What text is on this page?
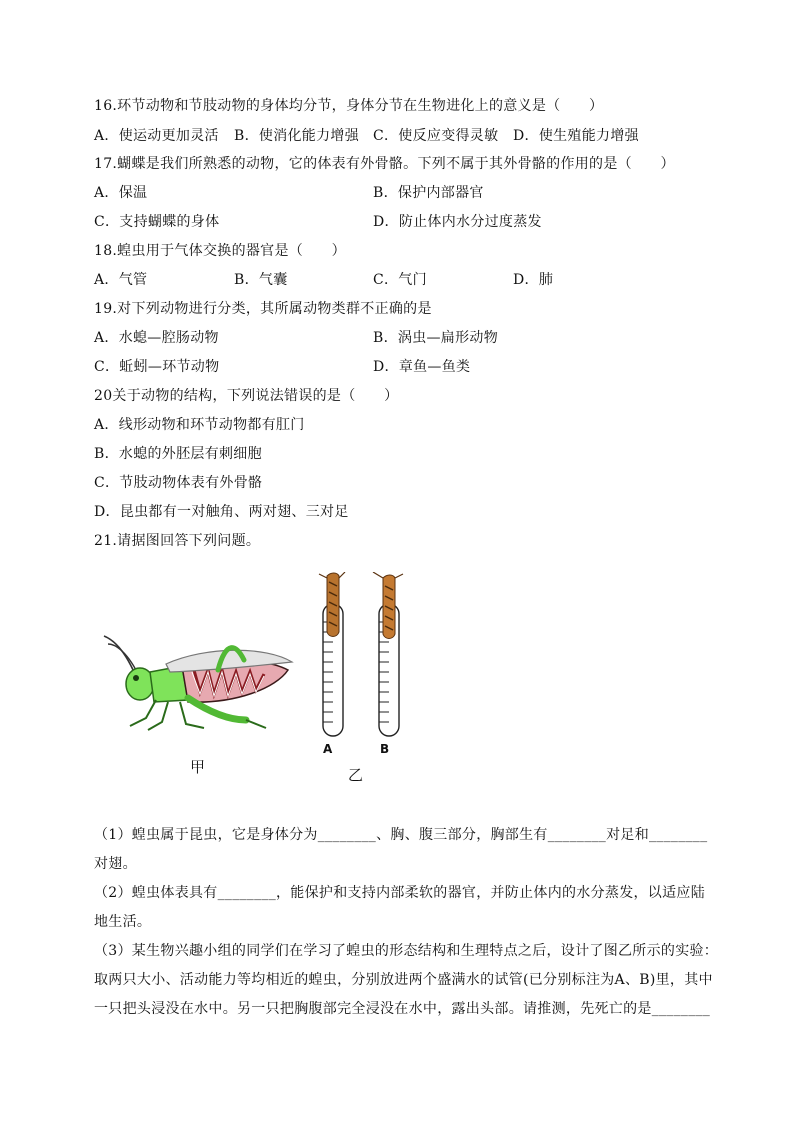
16.环节动物和节肢动物的身体均分节，身体分节在生物进化上的意义是（　　）
A．使运动更加灵活 B．使消化能力增强 C．使反应变得灵敏 D．使生殖能力增强
17.蝴蝶是我们所熟悉的动物，它的体表有外骨骼。下列不属于其外骨骼的作用的是（　　）
A．保温	B．保护内部器官
C．支持蝴蝶的身体	D．防止体内水分过度蒸发
18.蝗虫用于气体交换的器官是（　　）
A．气管	B．气囊	C．气门	D．肺
19.对下列动物进行分类，其所属动物类群不正确的是
A．水螅—腔肠动物	B．涡虫—扁形动物
C．蚯蚓—环节动物	D．章鱼—鱼类
20关于动物的结构，下列说法错误的是（　　）
A．线形动物和环节动物都有肛门
B．水螅的外胚层有刺细胞
C．节肢动物体表有外骨骼
D．昆虫都有一对触角、两对翅、三对足
21.请据图回答下列问题。
甲
A	B
乙
（1）蝗虫属于昆虫，它是身体分为________、胸、腹三部分，胸部生有________对足和________
对翅。
（2）蝗虫体表具有________，能保护和支持内部柔软的器官，并防止体内的水分蒸发，以适应陆
地生活。
（3）某生物兴趣小组的同学们在学习了蝗虫的形态结构和生理特点之后，设计了图乙所示的实验：
取两只大小、活动能力等均相近的蝗虫，分别放进两个盛满水的试管(已分别标注为A、B)里，其中
一只把头浸没在水中。另一只把胸腹部完全浸没在水中，露出头部。请推测，先死亡的是________
